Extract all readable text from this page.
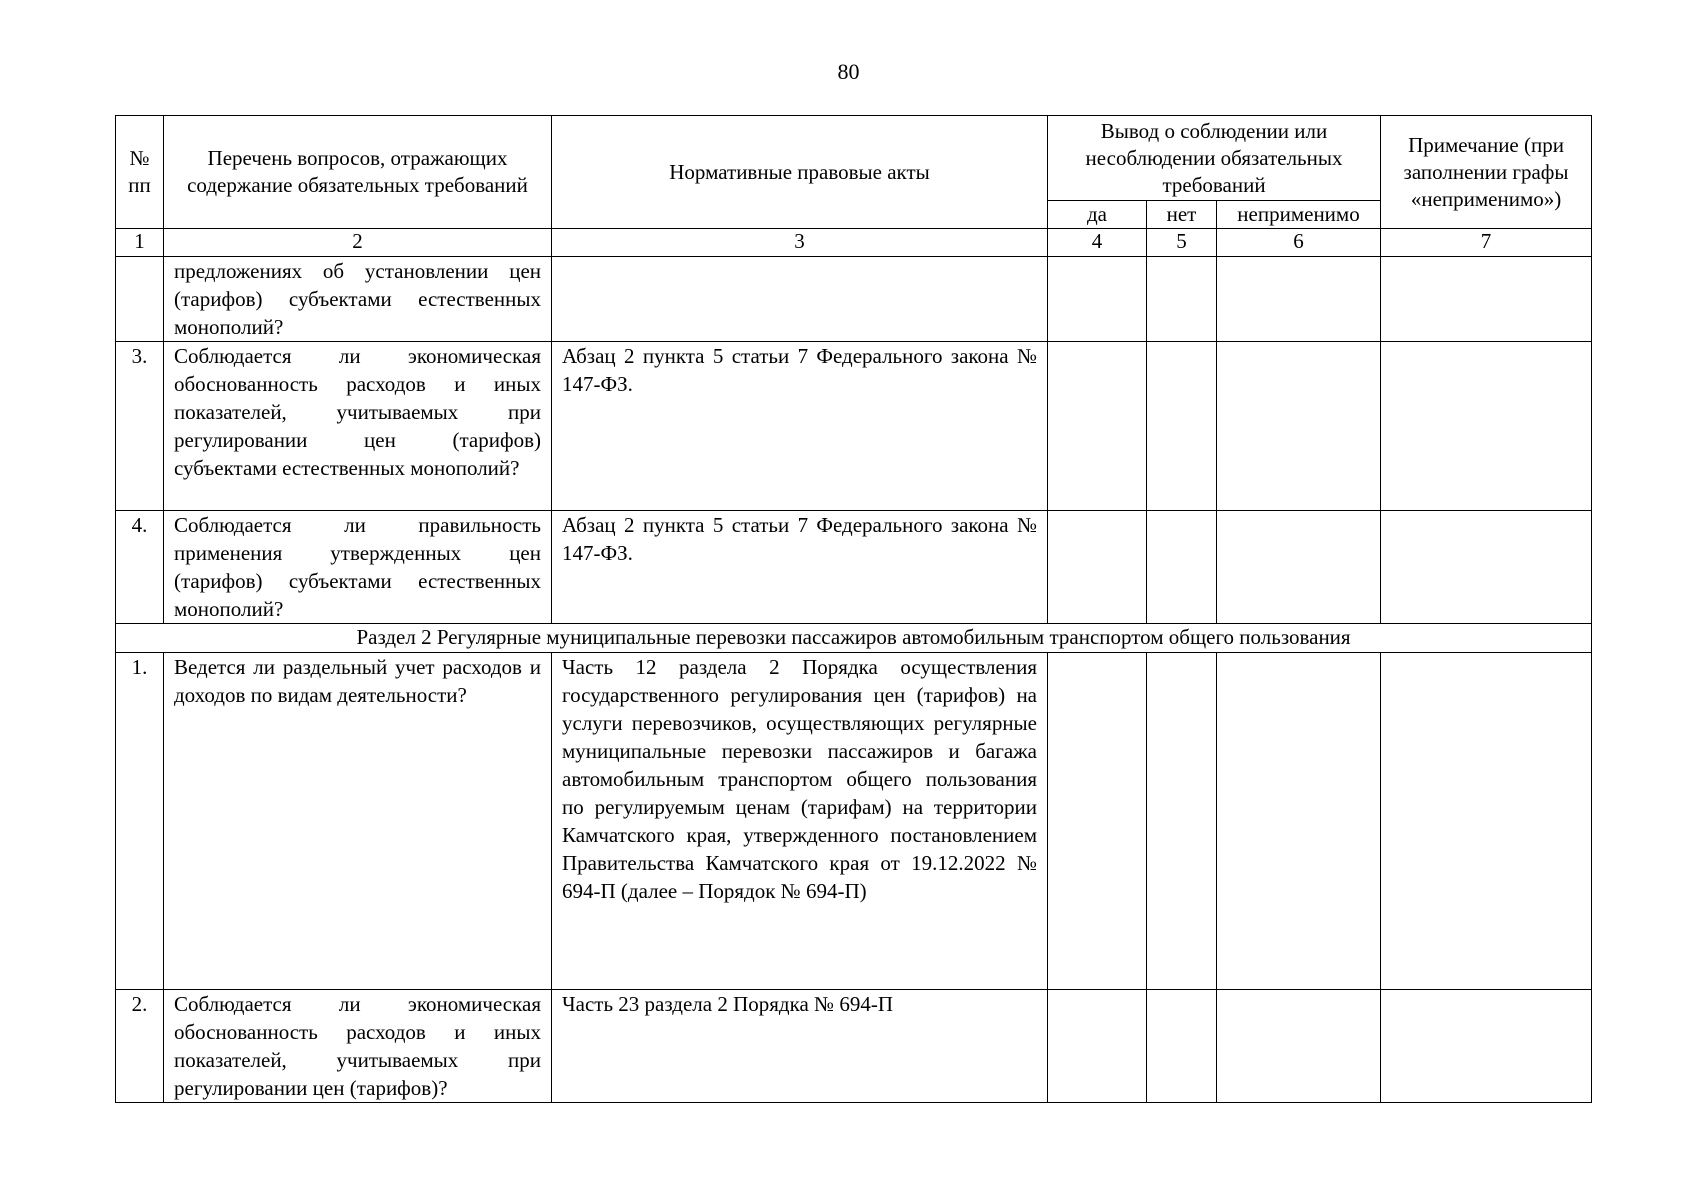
80
№ пп	Перечень вопросов, отражающих содержание обязательных требований	Нормативные правовые акты	Вывод о соблюдении или несоблюдении обязательных требований			Примечание (при заполнении графы «неприменимо»)
			да	нет	неприменимо	
1	2	3	4	5	6	7
	предложениях об установлении цен (тарифов) субъектами естественных монополий?					
3.	Соблюдается ли экономическая обоснованность расходов и иных показателей, учитываемых при регулировании цен (тарифов) субъектами естественных монополий?	Абзац 2 пункта 5 статьи 7 Федерального закона № 147-ФЗ.				
4.	Соблюдается ли правильность применения утвержденных цен (тарифов) субъектами естественных монополий?	Абзац 2 пункта 5 статьи 7 Федерального закона № 147-ФЗ.				
Раздел 2 Регулярные муниципальные перевозки пассажиров автомобильным транспортом общего пользования						
1.	Ведется ли раздельный учет расходов и доходов по видам деятельности?	Часть 12 раздела 2 Порядка осуществления государственного регулирования цен (тарифов) на услуги перевозчиков, осуществляющих регулярные муниципальные перевозки пассажиров и багажа автомобильным транспортом общего пользования по регулируемым ценам (тарифам) на территории Камчатского края, утвержденного постановлением Правительства Камчатского края от 19.12.2022 № 694-П (далее – Порядок № 694-П)				
2.	Соблюдается ли экономическая обоснованность расходов и иных показателей, учитываемых при регулировании цен (тарифов)?	Часть 23 раздела 2 Порядка № 694-П				
